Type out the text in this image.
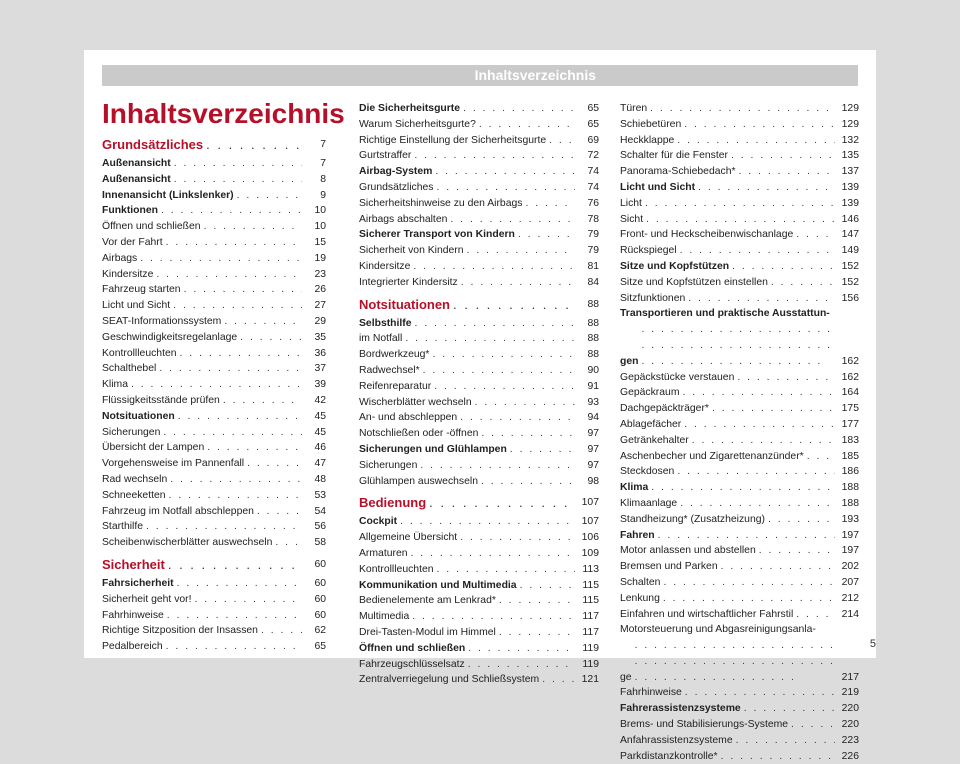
Inhaltsverzeichnis
Inhaltsverzeichnis
Grundsätzliches . . .	7
Außenansicht . . .	7
Außenansicht . . .	8
Innenansicht (Linkslenker) . . .	9
Funktionen . . .	10
Öffnen und schließen . . .	10
Vor der Fahrt . . .	15
Airbags . . .	19
Kindersitze . . .	23
Fahrzeug starten . . .	26
Licht und Sicht . . .	27
SEAT-Informationssystem . . .	29
Geschwindigkeitsregelanlage . . .	35
Kontrollleuchten . . .	36
Schalthebel . . .	37
Klima . . .	39
Flüssigkeitsstände prüfen . . .	42
Notsituationen . . .	45
Sicherungen . . .	45
Übersicht der Lampen . . .	46
Vorgehensweise im Pannenfall . . .	47
Rad wechseln . . .	48
Schneeketten . . .	53
Fahrzeug im Notfall abschleppen . . .	54
Starthilfe . . .	56
Scheibenwischerblätter auswechseln . . .	58
Sicherheit . . .	60
Fahrsicherheit . . .	60
Sicherheit geht vor! . . .	60
Fahrhinweise . . .	60
Richtige Sitzposition der Insassen . . .	62
Pedalbereich . . .	65
Die Sicherheitsgurte . . .	65
Warum Sicherheitsgurte? . . .	65
Richtige Einstellung der Sicherheitsgurte . . .	69
Gurtstraffer . . .	72
Airbag-System . . .	74
Grundsätzliches . . .	74
Sicherheitshinweise zu den Airbags . . .	76
Airbags abschalten . . .	78
Sicherer Transport von Kindern . . .	79
Sicherheit von Kindern . . .	79
Kindersitze . . .	81
Integrierter Kindersitz . . .	84
Notsituationen . . .	88
Selbsthilfe . . .	88
im Notfall . . .	88
Bordwerkzeug* . . .	88
Radwechsel* . . .	90
Reifenreparatur . . .	91
Wischerblätter wechseln . . .	93
An- und abschleppen . . .	94
Notschließen oder -öffnen . . .	97
Sicherungen und Glühlampen . . .	97
Sicherungen . . .	97
Glühlampen auswechseln . . .	98
Bedienung . . .	107
Cockpit . . .	107
Allgemeine Übersicht . . .	106
Armaturen . . .	109
Kontrollleuchten . . .	113
Kommunikation und Multimedia . . .	115
Bedienelemente am Lenkrad* . . .	115
Multimedia . . .	117
Drei-Tasten-Modul im Himmel . . .	117
Öffnen und schließen . . .	119
Fahrzeugschlüsselsatz . . .	119
Zentralverriegelung und Schließsystem . . .	121
Türen . . .	129
Schiebetüren . . .	129
Heckklappe . . .	132
Schalter für die Fenster . . .	135
Panorama-Schiebedach* . . .	137
Licht und Sicht . . .	139
Licht . . .	139
Sicht . . .	146
Front- und Heckscheibenwischanlage . . .	147
Rückspiegel . . .	149
Sitze und Kopfstützen . . .	152
Sitze und Kopfstützen einstellen . . .	152
Sitzfunktionen . . .	156
Transportieren und praktische Ausstattun-
gen . . .	162
Gepäckstücke verstauen . . .	162
Gepäckraum . . .	164
Dachgepäckträger* . . .	175
Ablagefächer . . .	177
Getränkehalter . . .	183
Aschenbecher und Zigarettenanzünder* . . .	185
Steckdosen . . .	186
Klima . . .	188
Klimaanlage . . .	188
Standheizung* (Zusatzheizung) . . .	193
Fahren . . .	197
Motor anlassen und abstellen . . .	197
Bremsen und Parken . . .	202
Schalten . . .	207
Lenkung . . .	212
Einfahren und wirtschaftlicher Fahrstil . . .	214
Motorsteuerung und Abgasreinigungsanla-
ge . . .	217
Fahrhinweise . . .	219
Fahrerassistenzsysteme . . .	220
Brems- und Stabilisierungs-Systeme . . .	220
Anfahrassistenzsysteme . . .	223
Parkdistanzkontrolle* . . .	226
5
